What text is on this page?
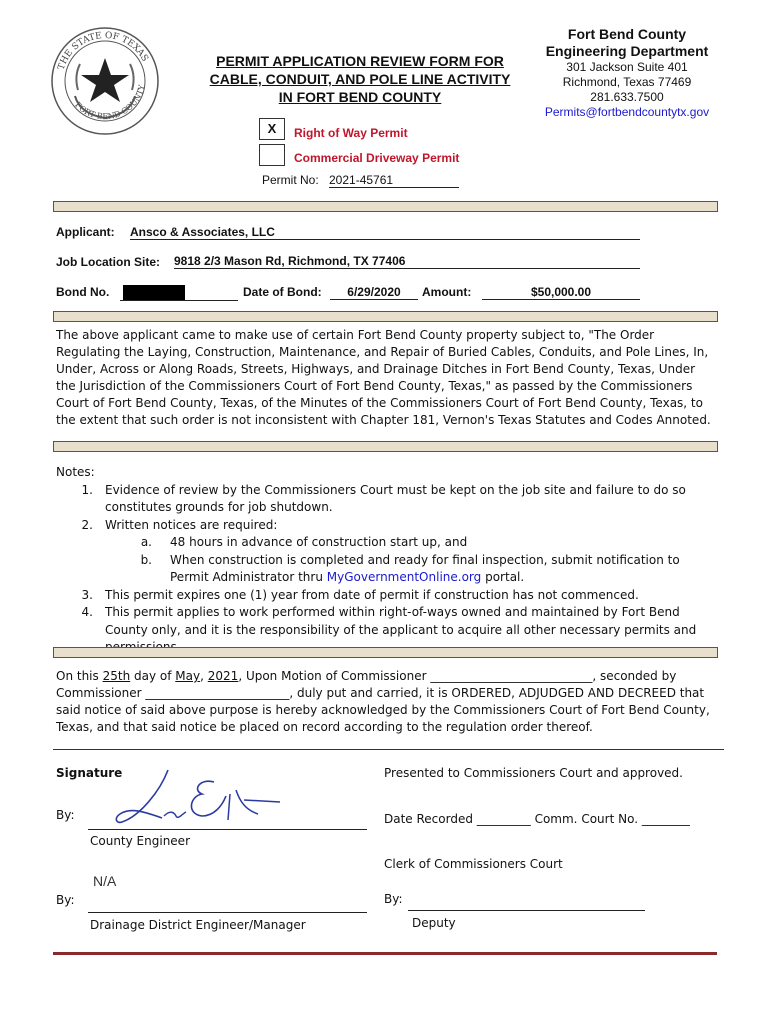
THE STATE OF TEXAS
FORT BEND COUNTY
PERMIT APPLICATION REVIEW FORM FOR
CABLE, CONDUIT, AND POLE LINE ACTIVITY
IN FORT BEND COUNTY
Fort Bend County
Engineering Department
301 Jackson Suite 401
Richmond, Texas 77469
281.633.7500
Permits@fortbendcountytx.gov
X	Right of Way Permit
Commercial Driveway Permit
Permit No: 2021-45761
Applicant: Ansco & Associates, LLC
Job Location Site: 9818 2/3 Mason Rd, Richmond, TX 77406
Bond No.	Date of Bond:	6/29/2020	Amount:	$50,000.00
The above applicant came to make use of certain Fort Bend County property subject to, "The Order Regulating the Laying, Construction, Maintenance, and Repair of Buried Cables, Conduits, and Pole Lines, In, Under, Across or Along Roads, Streets, Highways, and Drainage Ditches in Fort Bend County, Texas, Under the Jurisdiction of the Commissioners Court of Fort Bend County, Texas," as passed by the Commissioners Court of Fort Bend County, Texas, of the Minutes of the Commissioners Court of Fort Bend County, Texas, to the extent that such order is not inconsistent with Chapter 181, Vernon's Texas Statutes and Codes Annoted.
Notes:
1.	Evidence of review by the Commissioners Court must be kept on the job site and failure to do so constitutes grounds for job shutdown.
2.	Written notices are required:
a.	48 hours in advance of construction start up, and
b.	When construction is completed and ready for final inspection, submit notification to Permit Administrator thru MyGovernmentOnline.org portal.
3.	This permit expires one (1) year from date of permit if construction has not commenced.
4.	This permit applies to work performed within right-of-ways owned and maintained by Fort Bend County only, and it is the responsibility of the applicant to acquire all other necessary permits and
On this 25th day of May, 2021, Upon Motion of Commissioner ___________________________, seconded by Commissioner ________________________, duly put and carried, it is ORDERED, ADJUDGED AND DECREED that said notice of said above purpose is hereby acknowledged by the Commissioners Court of Fort Bend County, Texas, and that said notice be placed on record according to the regulation order thereof.
Signature
By:
County Engineer
N/A
By:
Drainage District Engineer/Manager
Presented to Commissioners Court and approved.
Date Recorded _________ Comm. Court No. ________
Clerk of Commissioners Court
By:
Deputy
